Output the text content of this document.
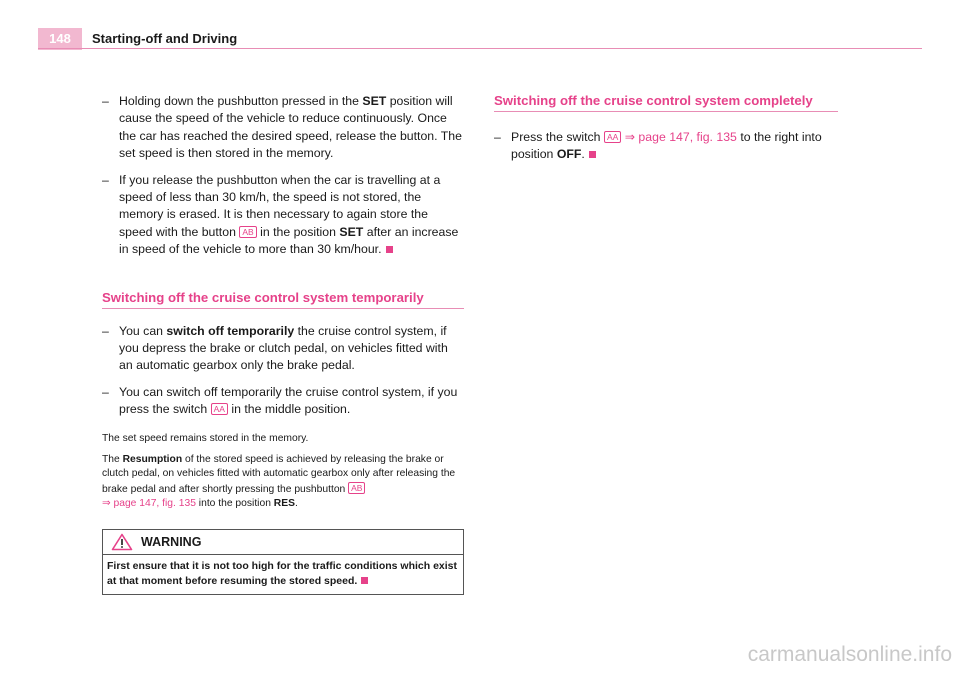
148	Starting-off and Driving

– Holding down the pushbutton pressed in the SET position will cause the speed of the vehicle to reduce continuously. Once the car has reached the desired speed, release the button. The set speed is then stored in the memory.

– If you release the pushbutton when the car is travelling at a speed of less than 30 km/h, the speed is not stored, the memory is erased. It is then necessary to again store the speed with the button AB in the position SET after an increase in speed of the vehicle to more than 30 km/hour.

Switching off the cruise control system temporarily

– You can switch off temporarily the cruise control system, if you depress the brake or clutch pedal, on vehicles fitted with an automatic gearbox only the brake pedal.

– You can switch off temporarily the cruise control system, if you press the switch AA in the middle position.

The set speed remains stored in the memory.

The Resumption of the stored speed is achieved by releasing the brake or clutch pedal, on vehicles fitted with automatic gearbox only after releasing the brake pedal and after shortly pressing the pushbutton AB
⇒ page 147, fig. 135 into the position RES.

WARNING
First ensure that it is not too high for the traffic conditions which exist at that moment before resuming the stored speed.
Switching off the cruise control system completely

– Press the switch AA ⇒ page 147, fig. 135 to the right into position OFF.

carmanualsonline.info
